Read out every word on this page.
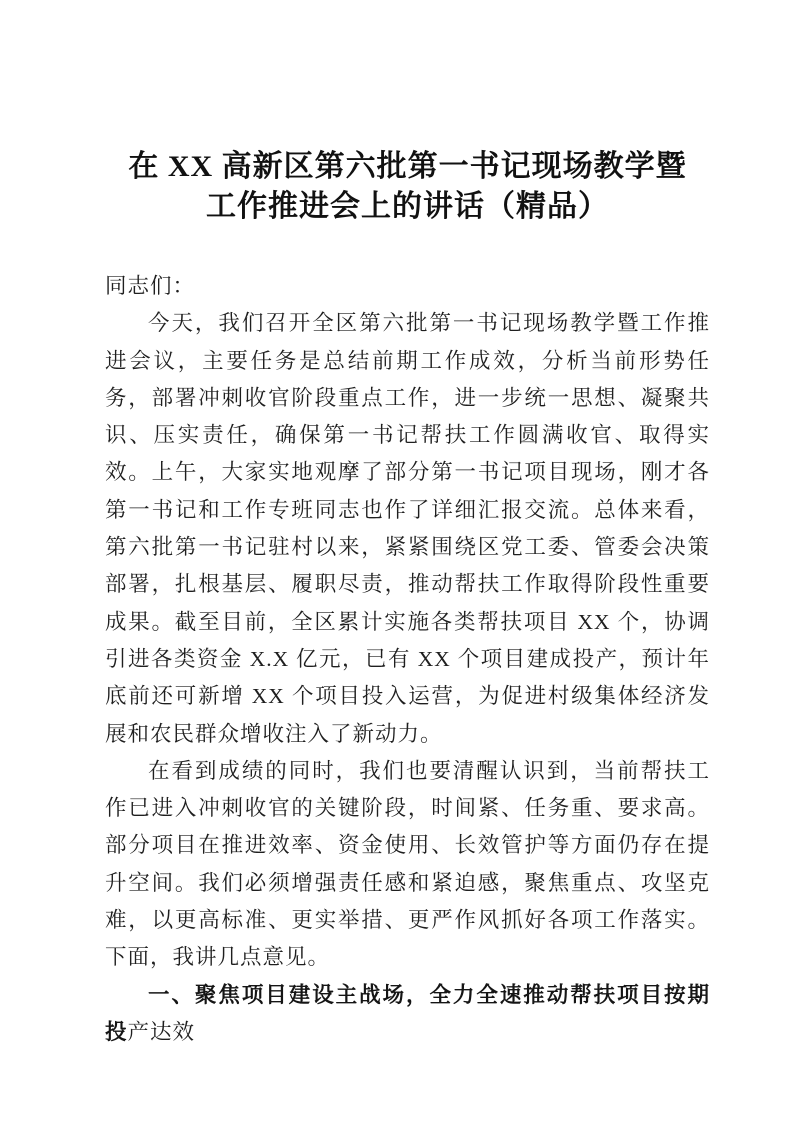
在 XX 高新区第六批第一书记现场教学暨
工作推进会上的讲话（精品）

同志们：

今天，我们召开全区第六批第一书记现场教学暨工作推进会议，主要任务是总结前期工作成效，分析当前形势任务，部署冲刺收官阶段重点工作，进一步统一思想、凝聚共识、压实责任，确保第一书记帮扶工作圆满收官、取得实效。上午，大家实地观摩了部分第一书记项目现场，刚才各第一书记和工作专班同志也作了详细汇报交流。总体来看，第六批第一书记驻村以来，紧紧围绕区党工委、管委会决策部署，扎根基层、履职尽责，推动帮扶工作取得阶段性重要成果。截至目前，全区累计实施各类帮扶项目 XX 个，协调引进各类资金 X.X 亿元，已有 XX 个项目建成投产，预计年底前还可新增 XX 个项目投入运营，为促进村级集体经济发展和农民群众增收注入了新动力。

在看到成绩的同时，我们也要清醒认识到，当前帮扶工作已进入冲刺收官的关键阶段，时间紧、任务重、要求高。部分项目在推进效率、资金使用、长效管护等方面仍存在提升空间。我们必须增强责任感和紧迫感，聚焦重点、攻坚克难，以更高标准、更实举措、更严作风抓好各项工作落实。下面，我讲几点意见。

一、聚焦项目建设主战场，全力全速推动帮扶项目按期投产达效
